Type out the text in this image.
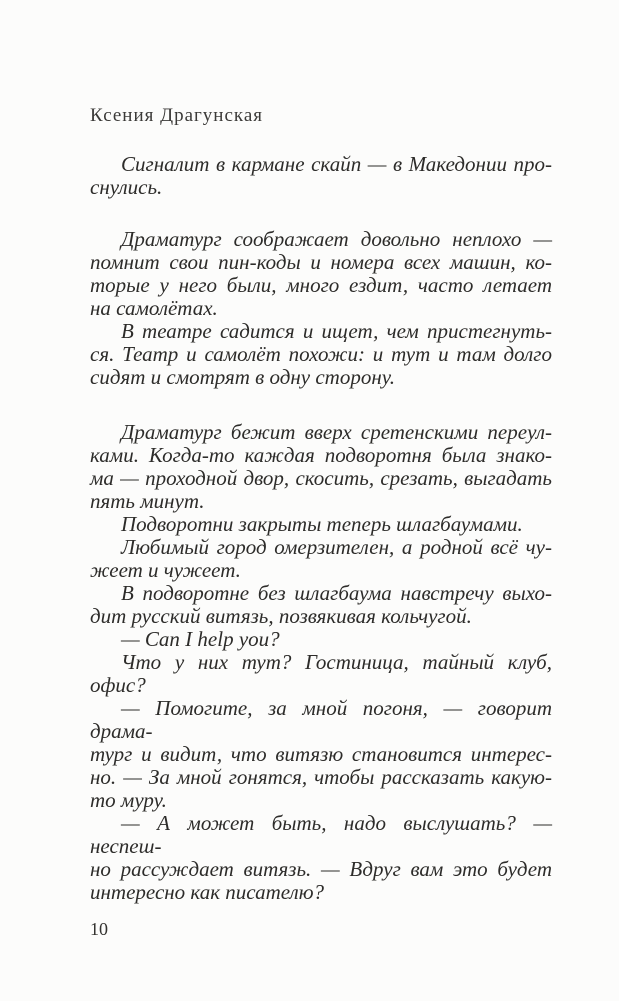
Ксения Драгунская
Сигналит в кармане скайп — в Македонии про-
снулись.
Драматург соображает довольно неплохо —
помнит свои пин-коды и номера всех машин, ко-
торые у него были, много ездит, часто летает
на самолётах.
В театре садится и ищет, чем пристегнуть-
ся. Театр и самолёт похожи: и тут и там долго
сидят и смотрят в одну сторону.
Драматург бежит вверх сретенскими переул-
ками. Когда-то каждая подворотня была знако-
ма — проходной двор, скосить, срезать, выгадать
пять минут.
Подворотни закрыты теперь шлагбаумами.
Любимый город омерзителен, а родной всё чу-
жеет и чужеет.
В подворотне без шлагбаума навстречу выхо-
дит русский витязь, позвякивая кольчугой.
— Can I help you?
Что у них тут? Гостиница, тайный клуб,
офис?
— Помогите, за мной погоня, — говорит драма-
тург и видит, что витязю становится интерес-
но. — За мной гонятся, чтобы рассказать какую-
то муру.
— А может быть, надо выслушать? — неспеш-
но рассуждает витязь. — Вдруг вам это будет
интересно как писателю?
10
